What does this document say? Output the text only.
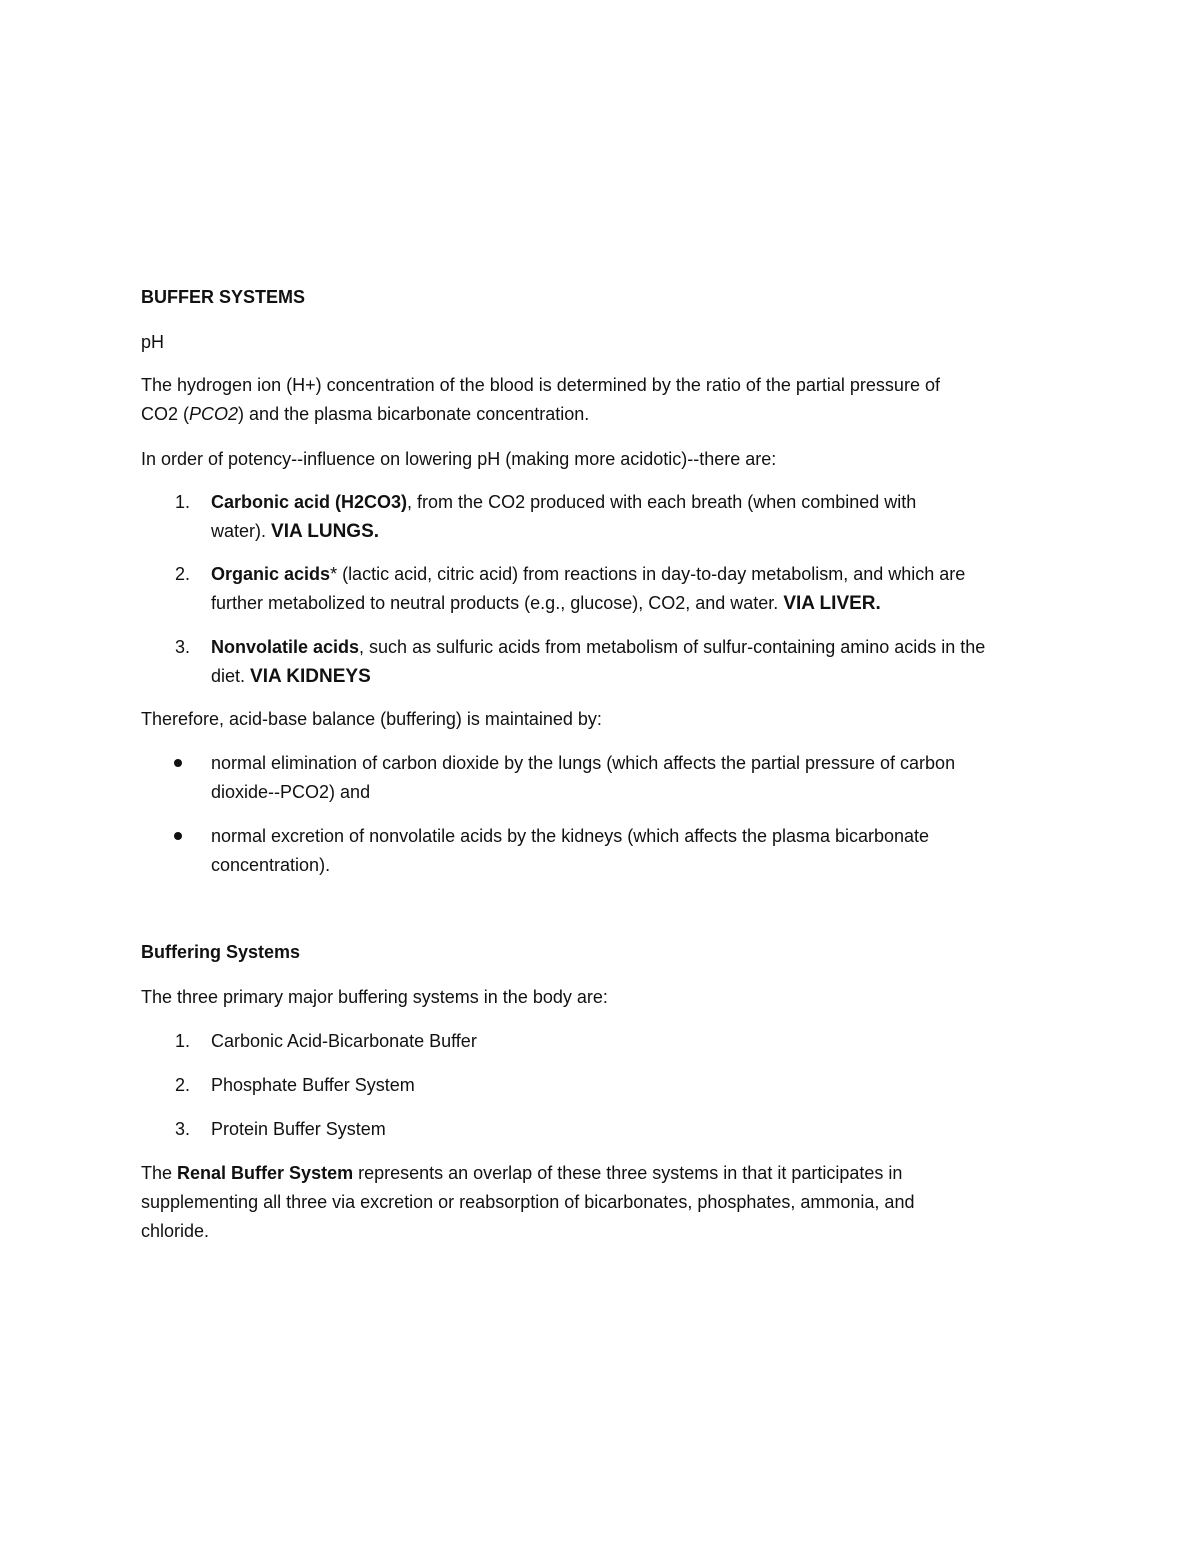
BUFFER SYSTEMS
pH
The hydrogen ion (H+) concentration of the blood is determined by the ratio of the partial pressure of
CO2 (PCO2) and the plasma bicarbonate concentration.
In order of potency--influence on lowering pH (making more acidotic)--there are:
1. Carbonic acid (H2CO3), from the CO2 produced with each breath (when combined with
water). VIA LUNGS.
2. Organic acids* (lactic acid, citric acid) from reactions in day-to-day metabolism, and which are
further metabolized to neutral products (e.g., glucose), CO2, and water. VIA LIVER.
3. Nonvolatile acids, such as sulfuric acids from metabolism of sulfur-containing amino acids in the
diet. VIA KIDNEYS
Therefore, acid-base balance (buffering) is maintained by:
normal elimination of carbon dioxide by the lungs (which affects the partial pressure of carbon
dioxide--PCO2) and
normal excretion of nonvolatile acids by the kidneys (which affects the plasma bicarbonate
concentration).
Buffering Systems
The three primary major buffering systems in the body are:
1. Carbonic Acid-Bicarbonate Buffer
2. Phosphate Buffer System
3. Protein Buffer System
The Renal Buffer System represents an overlap of these three systems in that it participates in
supplementing all three via excretion or reabsorption of bicarbonates, phosphates, ammonia, and
chloride.
